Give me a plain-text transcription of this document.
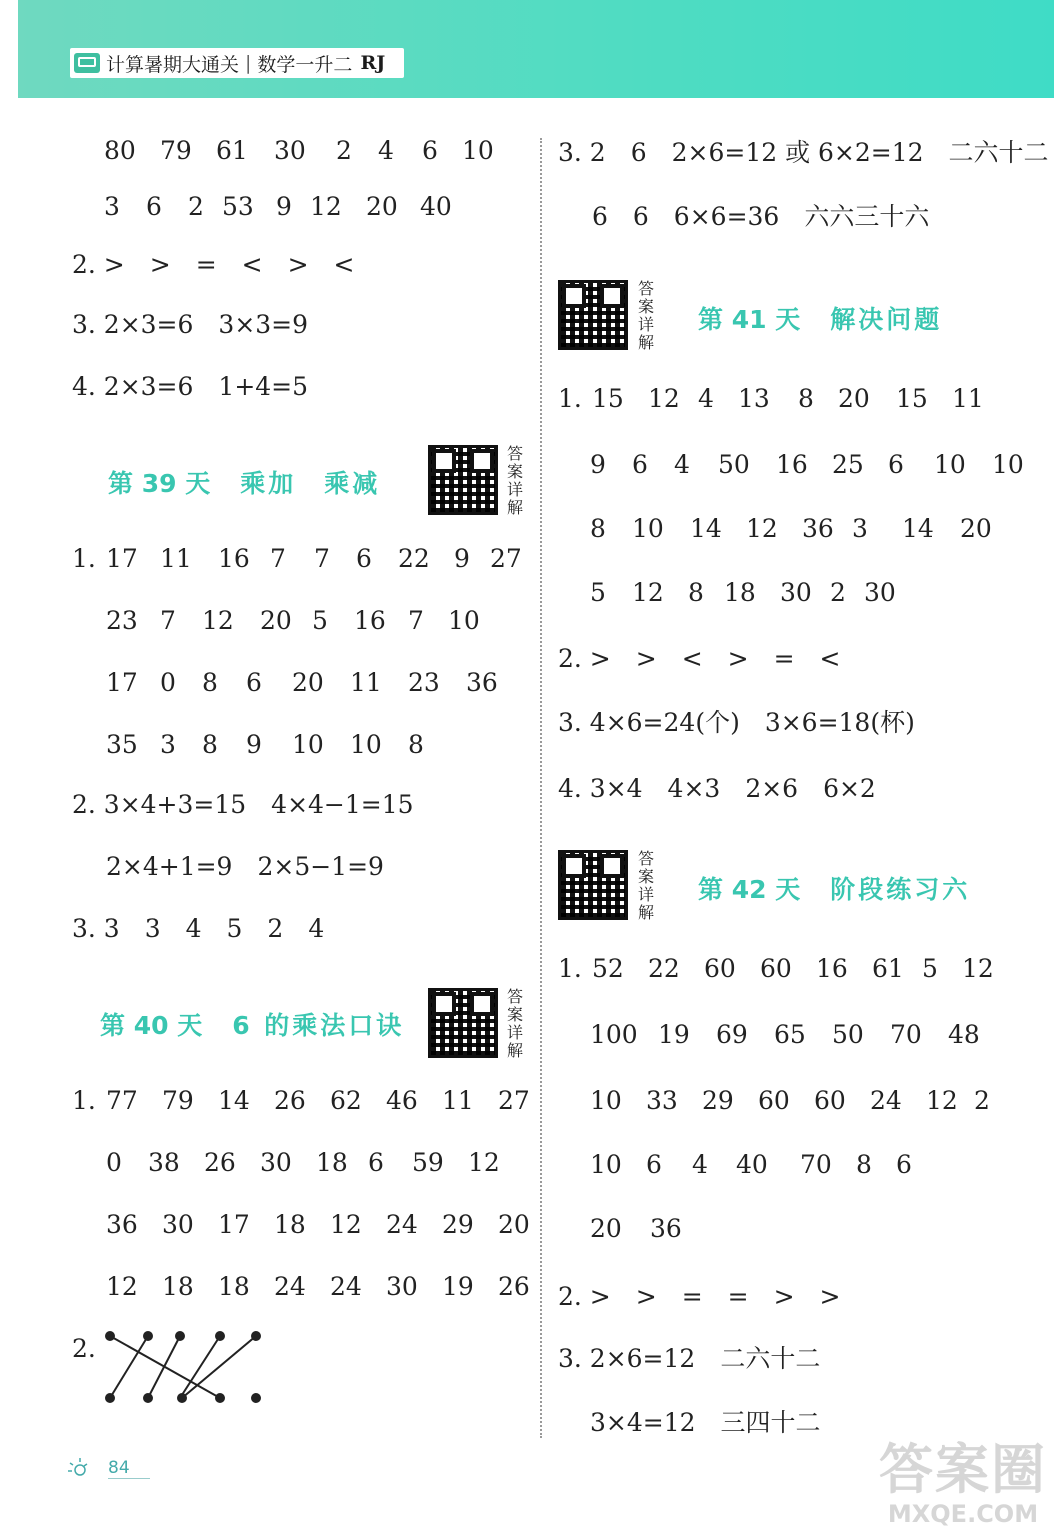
计算暑期大通关 | 数学一升二 RJ
80 79 61 30 2 4 6 10
3 6 2 53 9 12 20 40
2. >　>　=　<　>　<
3. 2×3=6　3×3=9
4. 2×3=6　1+4=5
第 39 天 乘加　乘减
答
案
详
解
1. 17 11 16 7 7 6 22 9 27
23 7 12 20 5 16 7 10
17 0 8 6 20 11 23 36
35 3 8 9 10 10 8
2. 3×4+3=15　4×4−1=15
2×4+1=9　2×5−1=9
3. 3　3　4　5　2　4
第 40 天 6 的乘法口诀
答
案
详
解
1. 77 79 14 26 62 46 11 27
0 38 26 30 18 6 59 12
36 30 17 18 12 24 29 20
12 18 18 24 24 30 19 26
2.
3. 2　6　2×6=12 或 6×2=12　二六十二
6　6　6×6=36　六六三十六
答
案
详
解
第 41 天 解决问题
1. 15 12 4 13 8 20 15 11
9 6 4 50 16 25 6 10 10
8 10 14 12 36 3 14 20
5 12 8 18 30 2 30
2. >　>　<　>　=　<
3. 4×6=24(个)　3×6=18(杯)
4. 3×4　4×3　2×6　6×2
答
案
详
解
第 42 天 阶段练习六
1. 52 22 60 60 16 61 5 12
100 19 69 65 50 70 48
10 33 29 60 60 24 12 2
10 6 4 40 70 8 6
20 36
2. >　>　=　=　>　>
3. 2×6=12　二六十二
3×4=12　三四十二
84	答案圈
MXQE.COM
